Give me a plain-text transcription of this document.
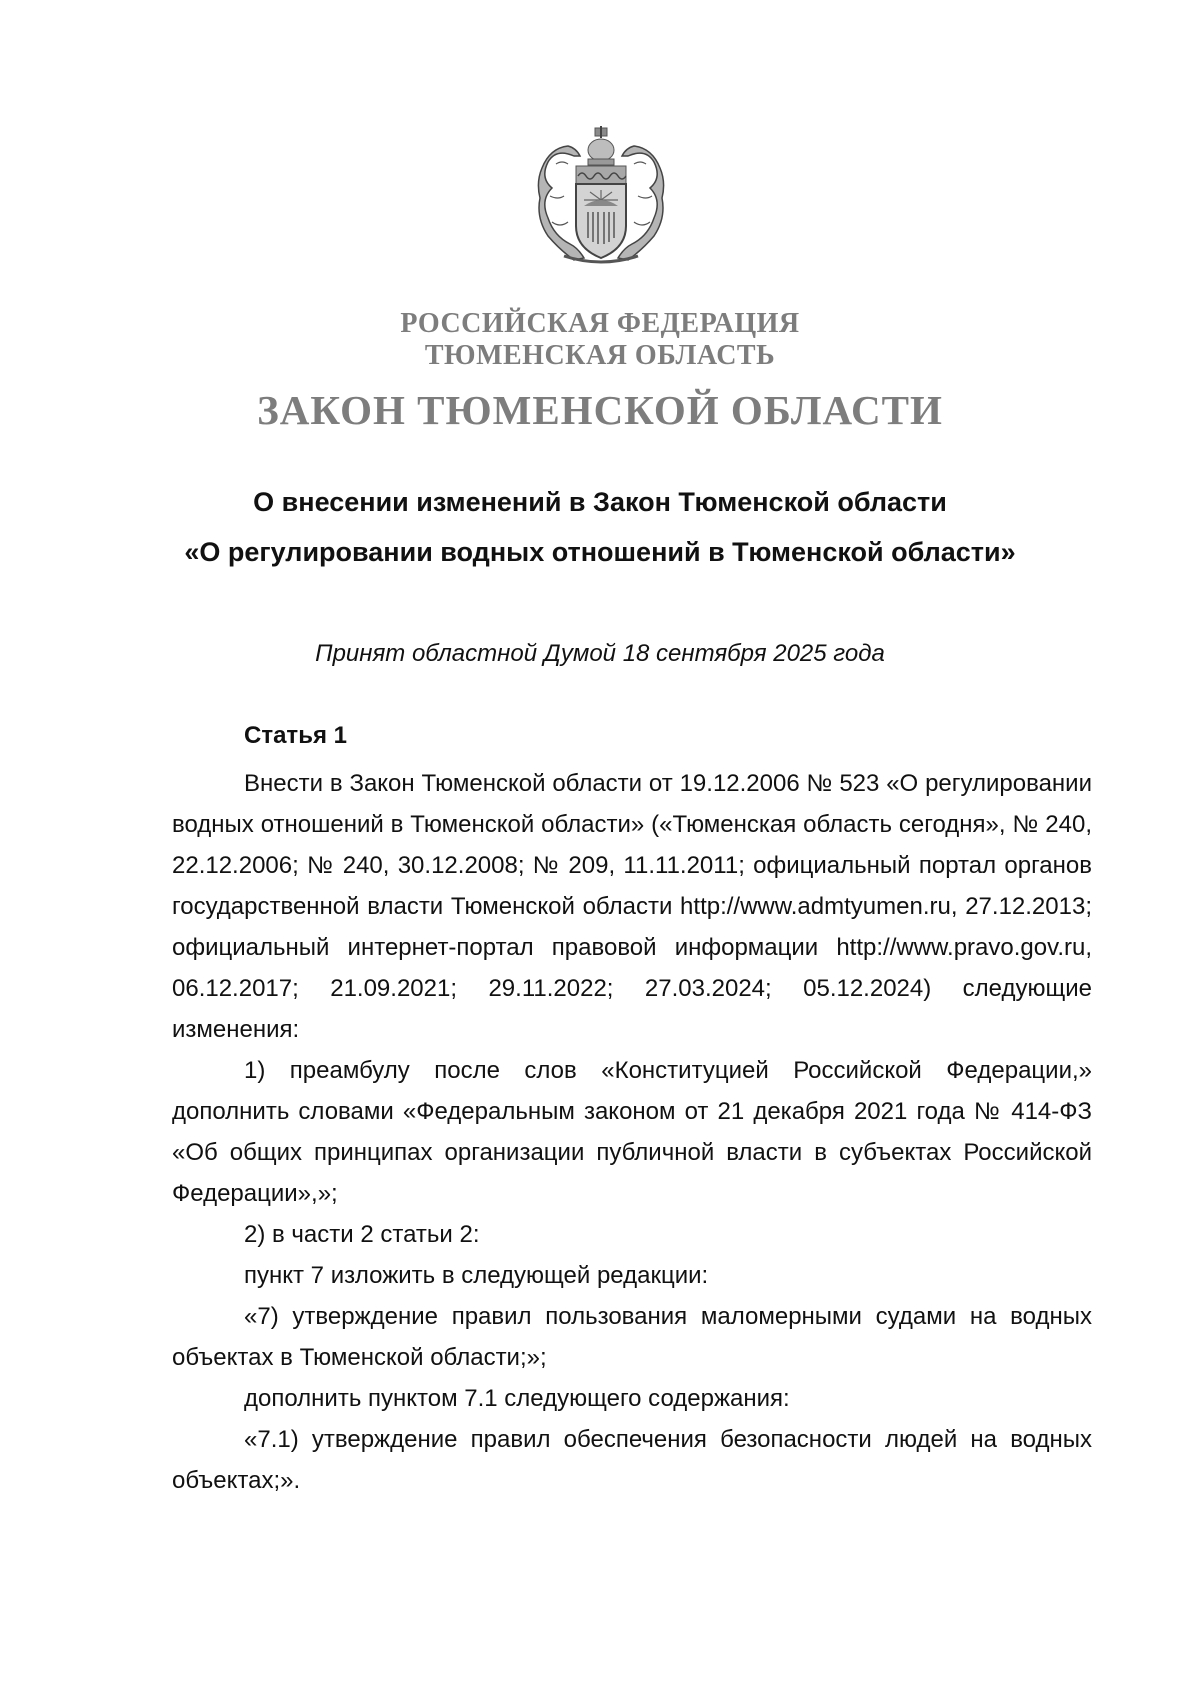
РОССИЙСКАЯ ФЕДЕРАЦИЯ
ТЮМЕНСКАЯ ОБЛАСТЬ
ЗАКОН ТЮМЕНСКОЙ ОБЛАСТИ
О внесении изменений в Закон Тюменской области
«О регулировании водных отношений в Тюменской области»
Принят областной Думой 18 сентября 2025 года
Статья 1

Внести в Закон Тюменской области от 19.12.2006 № 523 «О регулировании водных отношений в Тюменской области» («Тюменская область сегодня», № 240, 22.12.2006; № 240, 30.12.2008; № 209, 11.11.2011; официальный портал органов государственной власти Тюменской области http://www.admtyumen.ru, 27.12.2013; официальный интернет-портал правовой информации http://www.pravo.gov.ru, 06.12.2017; 21.09.2021; 29.11.2022; 27.03.2024; 05.12.2024) следующие изменения:

1) преамбулу после слов «Конституцией Российской Федерации,» дополнить словами «Федеральным законом от 21 декабря 2021 года № 414-ФЗ «Об общих принципах организации публичной власти в субъектах Российской Федерации»,»;

2) в части 2 статьи 2:

пункт 7 изложить в следующей редакции:

«7) утверждение правил пользования маломерными судами на водных объектах в Тюменской области;»;

дополнить пунктом 7.1 следующего содержания:

«7.1) утверждение правил обеспечения безопасности людей на водных объектах;».
